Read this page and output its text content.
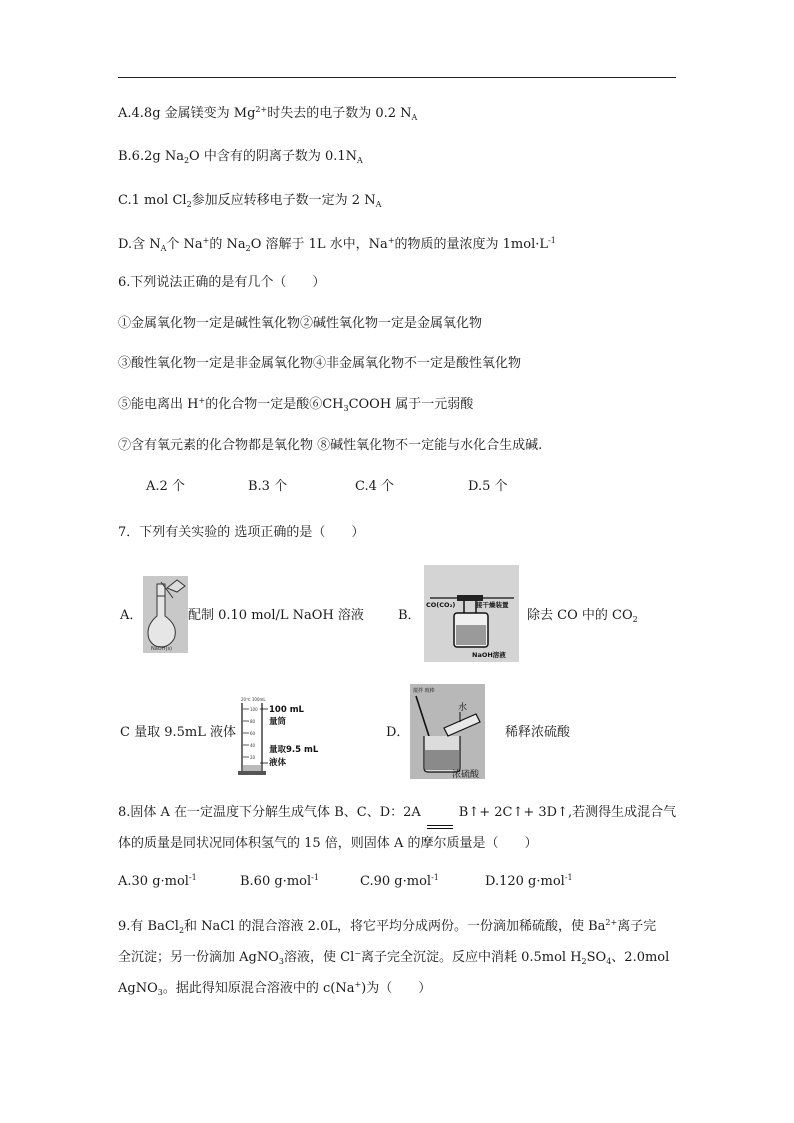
A.4.8g 金属镁变为 $Mg^{2+}$时失去的电子数为 0.2 $N_A$
B.6.2g $Na_2O$ 中含有的阴离子数为 $0.1N_A$
C.1 mol $Cl_2$参加反应转移电子数一定为 2 $N_A$
D.含 $N_A$个 Na+的 $Na_2O$ 溶解于 1L 水中，Na+的物质的量浓度为 $1mol\cdot L^{-1}$
6.下列说法正确的是有几个（　　）
①金属氧化物一定是碱性氧化物②碱性氧化物一定是金属氧化物
③酸性氧化物一定是非金属氧化物④非金属氧化物不一定是酸性氧化物
⑤能电离出 H+的化合物一定是酸$⑥CH_3COOH$ 属于一元弱酸
⑦含有氧元素的化合物都是氧化物 ⑧碱性氧化物不一定能与水化合生成碱.
A.2 个	B.3 个	C.4 个	D.5 个
7．下列有关实验的 选项正确的是（　　）
A．
NaOH(s)
配制 0.10 mol/L NaOH 溶液	B．
CO(CO₂)	接干燥装置
NaOH溶液
除去 CO 中的 $CO_2$
C 量取 9.5mL 液体
20℃ 100mL
100
80
60
40
20
100 mL
量筒
量取9.5 mL
液体
D．
搅拌 玻棒
水
浓硫酸
稀释浓硫酸
8.固体 A 在一定温度下分解生成气体 B、C、D：2A	B↑+ 2C↑+ 3D↑,若测得生成混合气
体的质量是同状况同体积氢气的 15 倍，则固体 A 的摩尔质量是（　　）
A.30 g·mol$^{-1}$	B.60 g·mol$^{-1}$	C.90 g·mol$^{-1}$	D.120 g·mol$^{-1}$
9.有 BaCl$_2$和 NaCl 的混合溶液 2.0L，将它平均分成两份。一份滴加稀硫酸，使 $Ba^{2+}$离子完
全沉淀；另一份滴加 AgNO$_3$溶液，使 Cl−离子完全沉淀。反应中消耗 0.5mol $H_2SO_4$、2.0mol
AgNO$_3$。据此得知原混合溶液中的 c(Na+)为（　　）
